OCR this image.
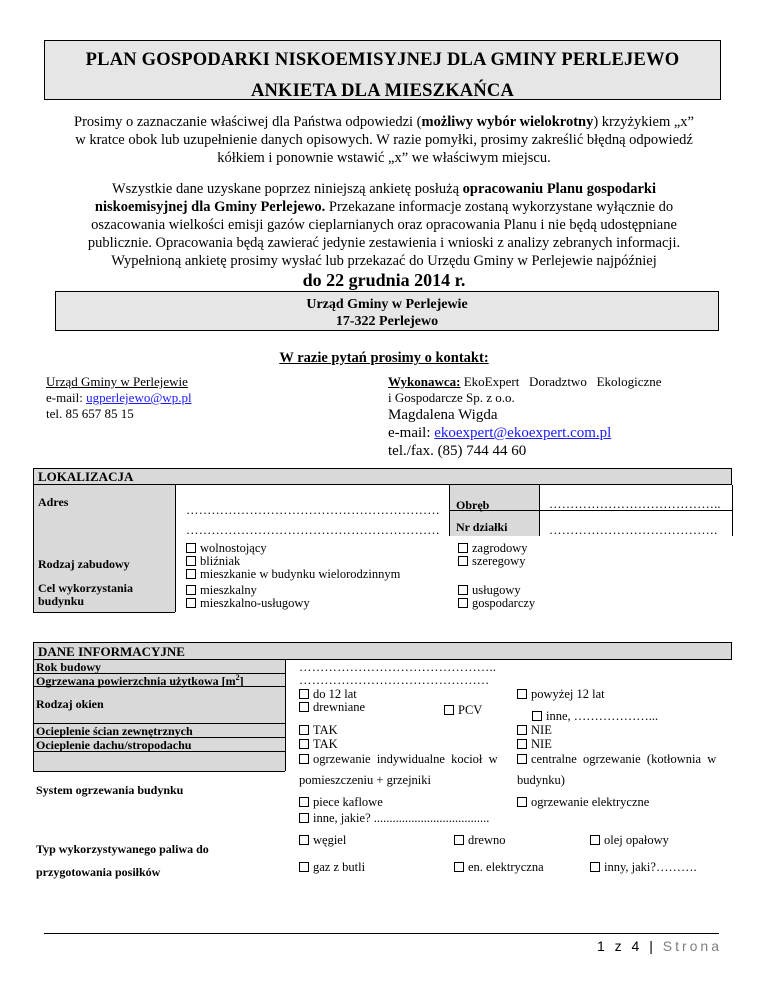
PLAN GOSPODARKI NISKOEMISYJNEJ DLA GMINY PERLEJEWO
ANKIETA DLA MIESZKAŃCA
Prosimy o zaznaczanie właściwej dla Państwa odpowiedzi (możliwy wybór wielokrotny) krzyżykiem „x”
w kratce obok lub uzupełnienie danych opisowych. W razie pomyłki, prosimy zakreślić błędną odpowiedź
kółkiem i ponownie wstawić „x” we właściwym miejscu.
Wszystkie dane uzyskane poprzez niniejszą ankietę posłużą opracowaniu Planu gospodarki
niskoemisyjnej dla Gminy Perlejewo. Przekazane informacje zostaną wykorzystane wyłącznie do
oszacowania wielkości emisji gazów cieplarnianych oraz opracowania Planu i nie będą udostępniane
publicznie. Opracowania będą zawierać jedynie zestawienia i wnioski z analizy zebranych informacji.
Wypełnioną ankietę prosimy wysłać lub przekazać do Urzędu Gminy w Perlejewie najpóźniej
do 22 grudnia 2014 r.
Urząd Gminy w Perlejewie
17-322 Perlejewo
W razie pytań prosimy o kontakt:
Urząd Gminy w Perlejewie
e-mail: ugperlejewo@wp.pl
tel. 85 657 85 15
Wykonawca: EkoExpert   Doradztwo   Ekologiczne
i Gospodarcze Sp. z o.o.
Magdalena Wigda
e-mail: ekoexpert@ekoexpert.com.pl
tel./fax. (85) 744 44 60
LOKALIZACJA
Adres
……………………………………………………
……………………………………………………
Obręb	…………………………………..
Nr działki	………………………………….
Rodzaj zabudowy
wolnostojący
bliźniak
mieszkanie w budynku wielorodzinnym
zagrodowy
szeregowy
Cel wykorzystania
budynku
mieszkalny
mieszkalno-usługowy
usługowy
gospodarczy
DANE INFORMACYJNE
Rok budowy	………………………………………..
Ogrzewana powierzchnia użytkowa $[m^2]$	………………………………………
Rodzaj okien
do 12 lat	powyżej 12 lat
drewniane	PCV	inne, ………………...
Ocieplenie ścian zewnętrznych	TAK	NIE
Ocieplenie dachu/stropodachu	TAK	NIE
System ogrzewania budynku
ogrzewanie  indywidualne  kocioł  w
pomieszczeniu + grzejniki
centralne  ogrzewanie  (kotłownia  w
budynku)
piece kaflowe	ogrzewanie elektryczne
inne, jakie? .....................................
Typ wykorzystywanego paliwa do
przygotowania posiłków
węgiel	drewno	olej opałowy
gaz z butli	en. elektryczna	inny, jaki?……….
1 z 4 | Strona
